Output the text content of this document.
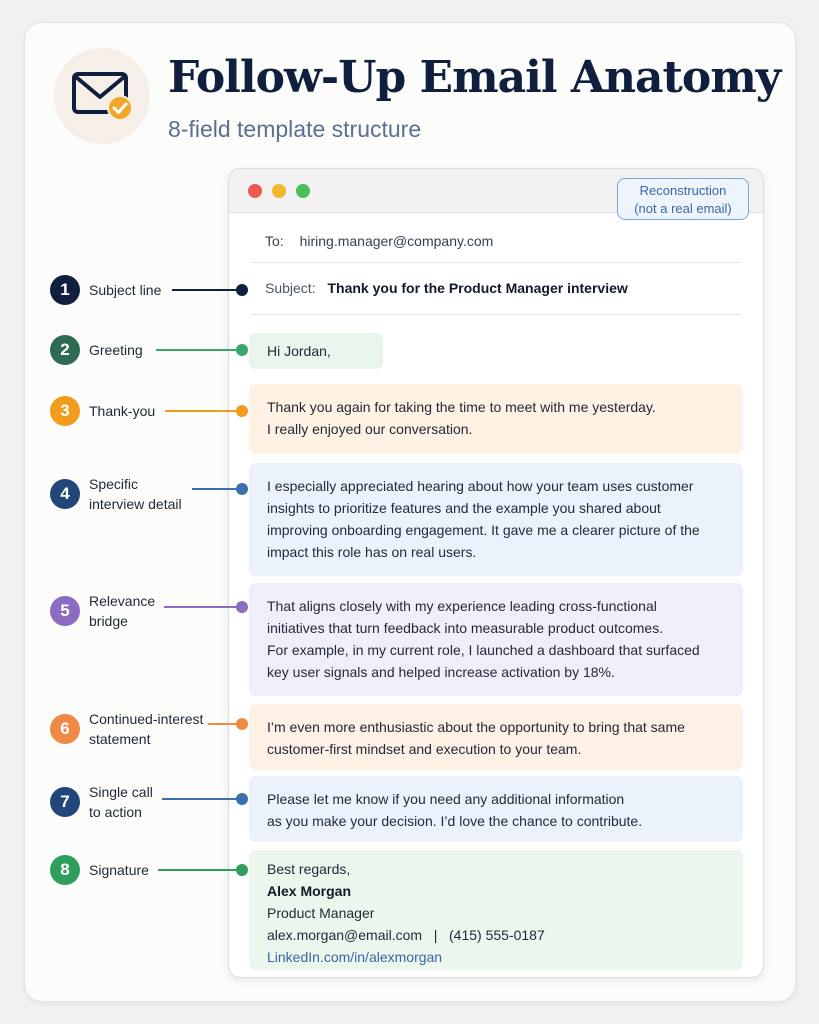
Follow-Up Email Anatomy
8-field template structure
Reconstruction
(not a real email)
To: hiring.manager@company.com
Subject: Thank you for the Product Manager interview
Hi Jordan,
Thank you again for taking the time to meet with me yesterday.
I really enjoyed our conversation.
I especially appreciated hearing about how your team uses customer
insights to prioritize features and the example you shared about
improving onboarding engagement. It gave me a clearer picture of the
impact this role has on real users.
That aligns closely with my experience leading cross-functional
initiatives that turn feedback into measurable product outcomes.
For example, in my current role, I launched a dashboard that surfaced
key user signals and helped increase activation by 18%.
I’m even more enthusiastic about the opportunity to bring that same
customer-first mindset and execution to your team.
Please let me know if you need any additional information
as you make your decision. I’d love the chance to contribute.
Best regards,
Alex Morgan
Product Manager
alex.morgan@email.com   |   (415) 555-0187
LinkedIn.com/in/alexmorgan
1	Subject line
2	Greeting
3	Thank-you
4	Specific
interview detail
5	Relevance
bridge
6	Continued-interest
statement
7	Single call
to action
8	Signature
